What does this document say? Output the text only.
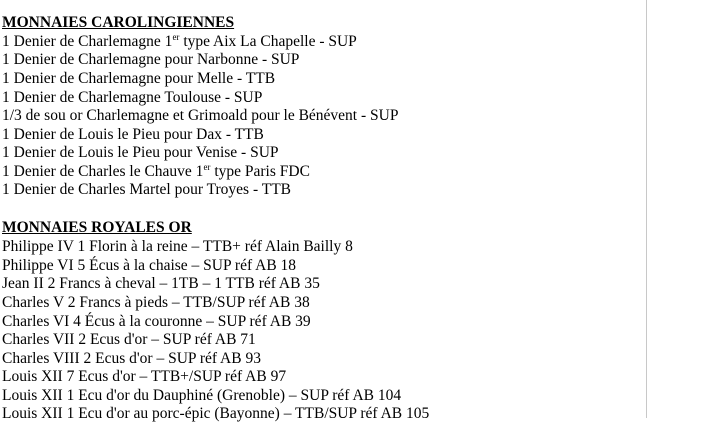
MONNAIES CAROLINGIENNES
1 Denier de Charlemagne 1er type Aix La Chapelle - SUP
1 Denier de Charlemagne pour Narbonne - SUP
1 Denier de Charlemagne pour Melle - TTB
1 Denier de Charlemagne Toulouse - SUP
1/3 de sou or Charlemagne et Grimoald pour le Bénévent - SUP
1 Denier de Louis le Pieu pour Dax - TTB
1 Denier de Louis le Pieu pour Venise - SUP
1 Denier de Charles le Chauve 1er type Paris FDC
1 Denier de Charles Martel pour Troyes - TTB
MONNAIES ROYALES OR
Philippe IV 1 Florin à la reine – TTB+ réf Alain Bailly 8
Philippe VI 5 Écus à la chaise – SUP réf AB 18
Jean II 2 Francs à cheval – 1TB – 1 TTB réf AB 35
Charles V 2 Francs à pieds – TTB/SUP réf AB 38
Charles VI 4 Écus à la couronne – SUP réf AB 39
Charles VII 2 Ecus d'or – SUP réf AB 71
Charles VIII 2 Ecus d'or – SUP réf AB 93
Louis XII 7 Ecus d'or – TTB+/SUP réf AB 97
Louis XII 1 Ecu d'or du Dauphiné (Grenoble) – SUP réf AB 104
Louis XII 1 Ecu d'or au porc-épic (Bayonne) – TTB/SUP réf AB 105
